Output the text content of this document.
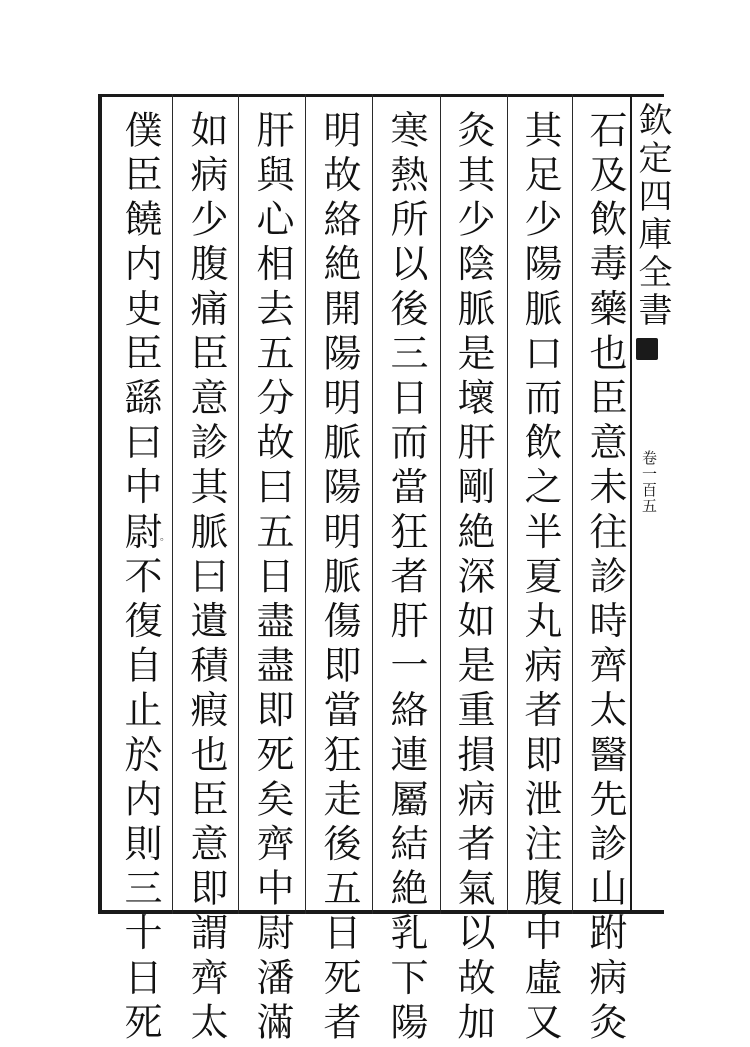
石及飲毒藥也臣意未往診時齊太醫先診山跗病灸
其足少陽脈口而飲之半夏丸病者即泄注腹中虛又
灸其少陰脈是壞肝剛絶深如是重損病者氣以故加
寒熱所以後三日而當狂者肝一絡連屬結絶乳下陽
明故絡絶開陽明脈陽明脈傷即當狂走後五日死者
肝與心相去五分故曰五日盡盡即死矣齊中尉潘滿
如病少腹痛臣意診其脈曰遺積瘕也臣意即謂齊太
僕臣饒内史臣繇曰中尉不復自止於内則三十日死
。
欽定四庫全書
卷一百五
